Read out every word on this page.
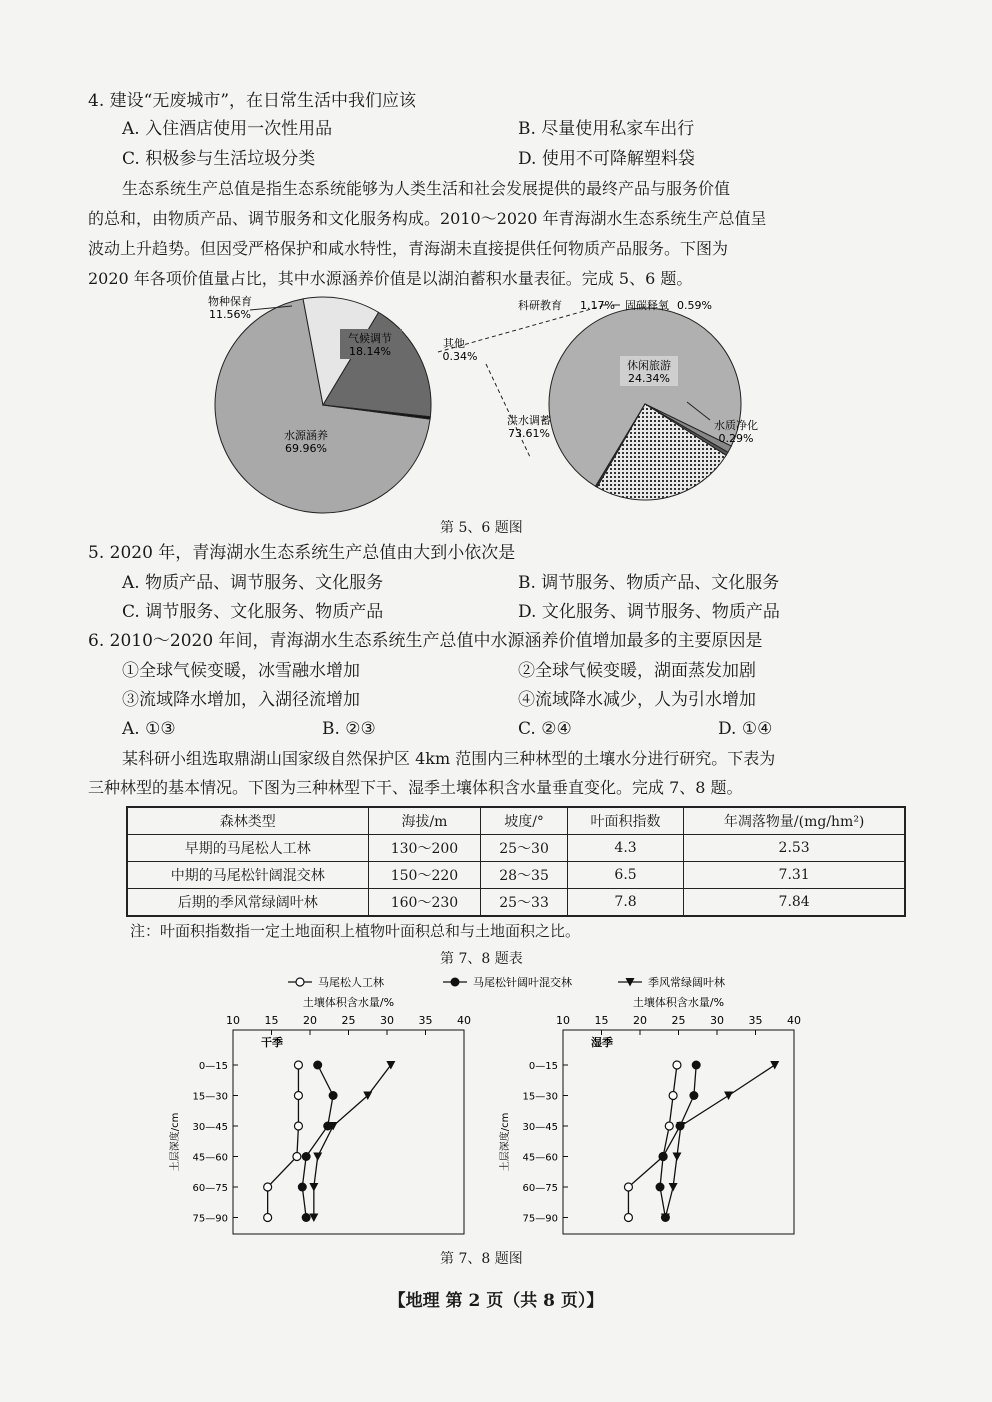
4. 建设“无废城市”，在日常生活中我们应该
A. 入住酒店使用一次性用品	B. 尽量使用私家车出行
C. 积极参与生活垃圾分类	D. 使用不可降解塑料袋
生态系统生产总值是指生态系统能够为人类生活和社会发展提供的最终产品与服务价值
的总和，由物质产品、调节服务和文化服务构成。2010～2020 年青海湖水生态系统生产总值呈
波动上升趋势。但因受严格保护和咸水特性，青海湖未直接提供任何物质产品服务。下图为
2020 年各项价值量占比，其中水源涵养价值是以湖泊蓄积水量表征。完成 5、6 题。
物种保育
11.56%
气候调节
18.14%
其他
0.34%
水源涵养
69.96%
科研教育 1.17% 固碳释氧 0.59%
休闲旅游
24.34%
洪水调蓄
73.61%
水质净化
0.29%
第 5、6 题图
5. 2020 年，青海湖水生态系统生产总值由大到小依次是
A. 物质产品、调节服务、文化服务	B. 调节服务、物质产品、文化服务
C. 调节服务、文化服务、物质产品	D. 文化服务、调节服务、物质产品
6. 2010～2020 年间，青海湖水生态系统生产总值中水源涵养价值增加最多的主要原因是
①全球气候变暖，冰雪融水增加	②全球气候变暖，湖面蒸发加剧
③流域降水增加，入湖径流增加	④流域降水减少，人为引水增加
A. ①③	B. ②③	C. ②④	D. ①④
某科研小组选取鼎湖山国家级自然保护区 4km 范围内三种林型的土壤水分进行研究。下表为
三种林型的基本情况。下图为三种林型下干、湿季土壤体积含水量垂直变化。完成 7、8 题。
森林类型	海拔/m	坡度/°	叶面积指数	年凋落物量/(mg/hm²)
早期的马尾松人工林	130～200	25～30	4.3	2.53
中期的马尾松针阔混交林	150～220	28～35	6.5	7.31
后期的季风常绿阔叶林	160～230	25～33	7.8	7.84
注：叶面积指数指一定土地面积上植物叶面积总和与土地面积之比。
第 7、8 题表
马尾松人工林	马尾松针阔叶混交林	季风常绿阔叶林
土壤体积含水量/%
10 15 20 25 30 35 40
0—15
15—30
30—45
45—60
60—75
75—90
土层深度/cm
干季
土壤体积含水量/%
10 15 20 25 30 35 40
0—15
15—30
30—45
45—60
60—75
75—90
土层深度/cm
湿季
第 7、8 题图
【地理 第 2 页（共 8 页）】
